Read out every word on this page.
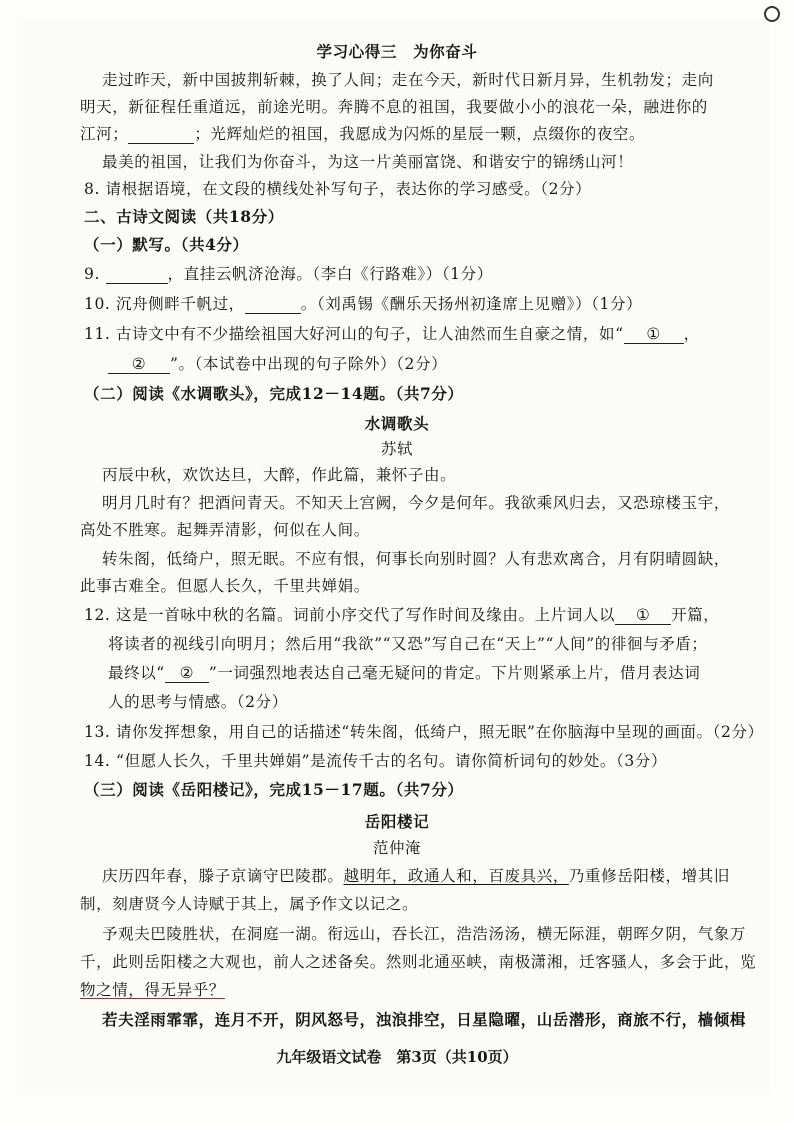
学习心得三　为你奋斗
走过昨天，新中国披荆斩棘，换了人间；走在今天，新时代日新月异，生机勃发；走向
明天，新征程任重道远，前途光明。奔腾不息的祖国，我要做小小的浪花一朵，融进你的
江河；	；光辉灿烂的祖国，我愿成为闪烁的星辰一颗，点缀你的夜空。
最美的祖国，让我们为你奋斗，为这一片美丽富饶、和谐安宁的锦绣山河！
8. 请根据语境，在文段的横线处补写句子，表达你的学习感受。（2分）
二、古诗文阅读（共18分）
（一）默写。（共4分）
9.	，直挂云帆济沧海。（李白《行路难》）（1分）
10. 沉舟侧畔千帆过，	。（刘禹锡《酬乐天扬州初逢席上见赠》）（1分）
11. 古诗文中有不少描绘祖国大好河山的句子，让人油然而生自豪之情，如“ ① ，
② ”。（本试卷中出现的句子除外）（2分）
（二）阅读《水调歌头》，完成12－14题。（共7分）
水调歌头
苏轼
丙辰中秋，欢饮达旦，大醉，作此篇，兼怀子由。
明月几时有？把酒问青天。不知天上宫阙，今夕是何年。我欲乘风归去，又恐琼楼玉宇，
高处不胜寒。起舞弄清影，何似在人间。
转朱阁，低绮户，照无眠。不应有恨，何事长向别时圆？人有悲欢离合，月有阴晴圆缺，
此事古难全。但愿人长久，千里共婵娟。
12. 这是一首咏中秋的名篇。词前小序交代了写作时间及缘由。上片词人以 ① 开篇，
将读者的视线引向明月；然后用“我欲”“又恐”写自己在“天上”“人间”的徘徊与矛盾；
最终以“ ② ”一词强烈地表达自己毫无疑问的肯定。下片则紧承上片，借月表达词
人的思考与情感。（2分）
13. 请你发挥想象，用自己的话描述“转朱阁，低绮户，照无眠”在你脑海中呈现的画面。（2分）
14. “但愿人长久，千里共婵娟”是流传千古的名句。请你简析词句的妙处。（3分）
（三）阅读《岳阳楼记》，完成15－17题。（共7分）
岳阳楼记
范仲淹
庆历四年春，滕子京谪守巴陵郡。越明年，政通人和，百废具兴，乃重修岳阳楼，增其旧
制，刻唐贤今人诗赋于其上，属予作文以记之。
予观夫巴陵胜状，在洞庭一湖。衔远山，吞长江，浩浩汤汤，横无际涯，朝晖夕阴，气象万
千，此则岳阳楼之大观也，前人之述备矣。然则北通巫峡，南极潇湘，迁客骚人，多会于此，览
物之情，得无异乎？
若夫淫雨霏霏，连月不开，阴风怒号，浊浪排空，日星隐曜，山岳潜形，商旅不行，樯倾楫
九年级语文试卷　第3页（共10页）
